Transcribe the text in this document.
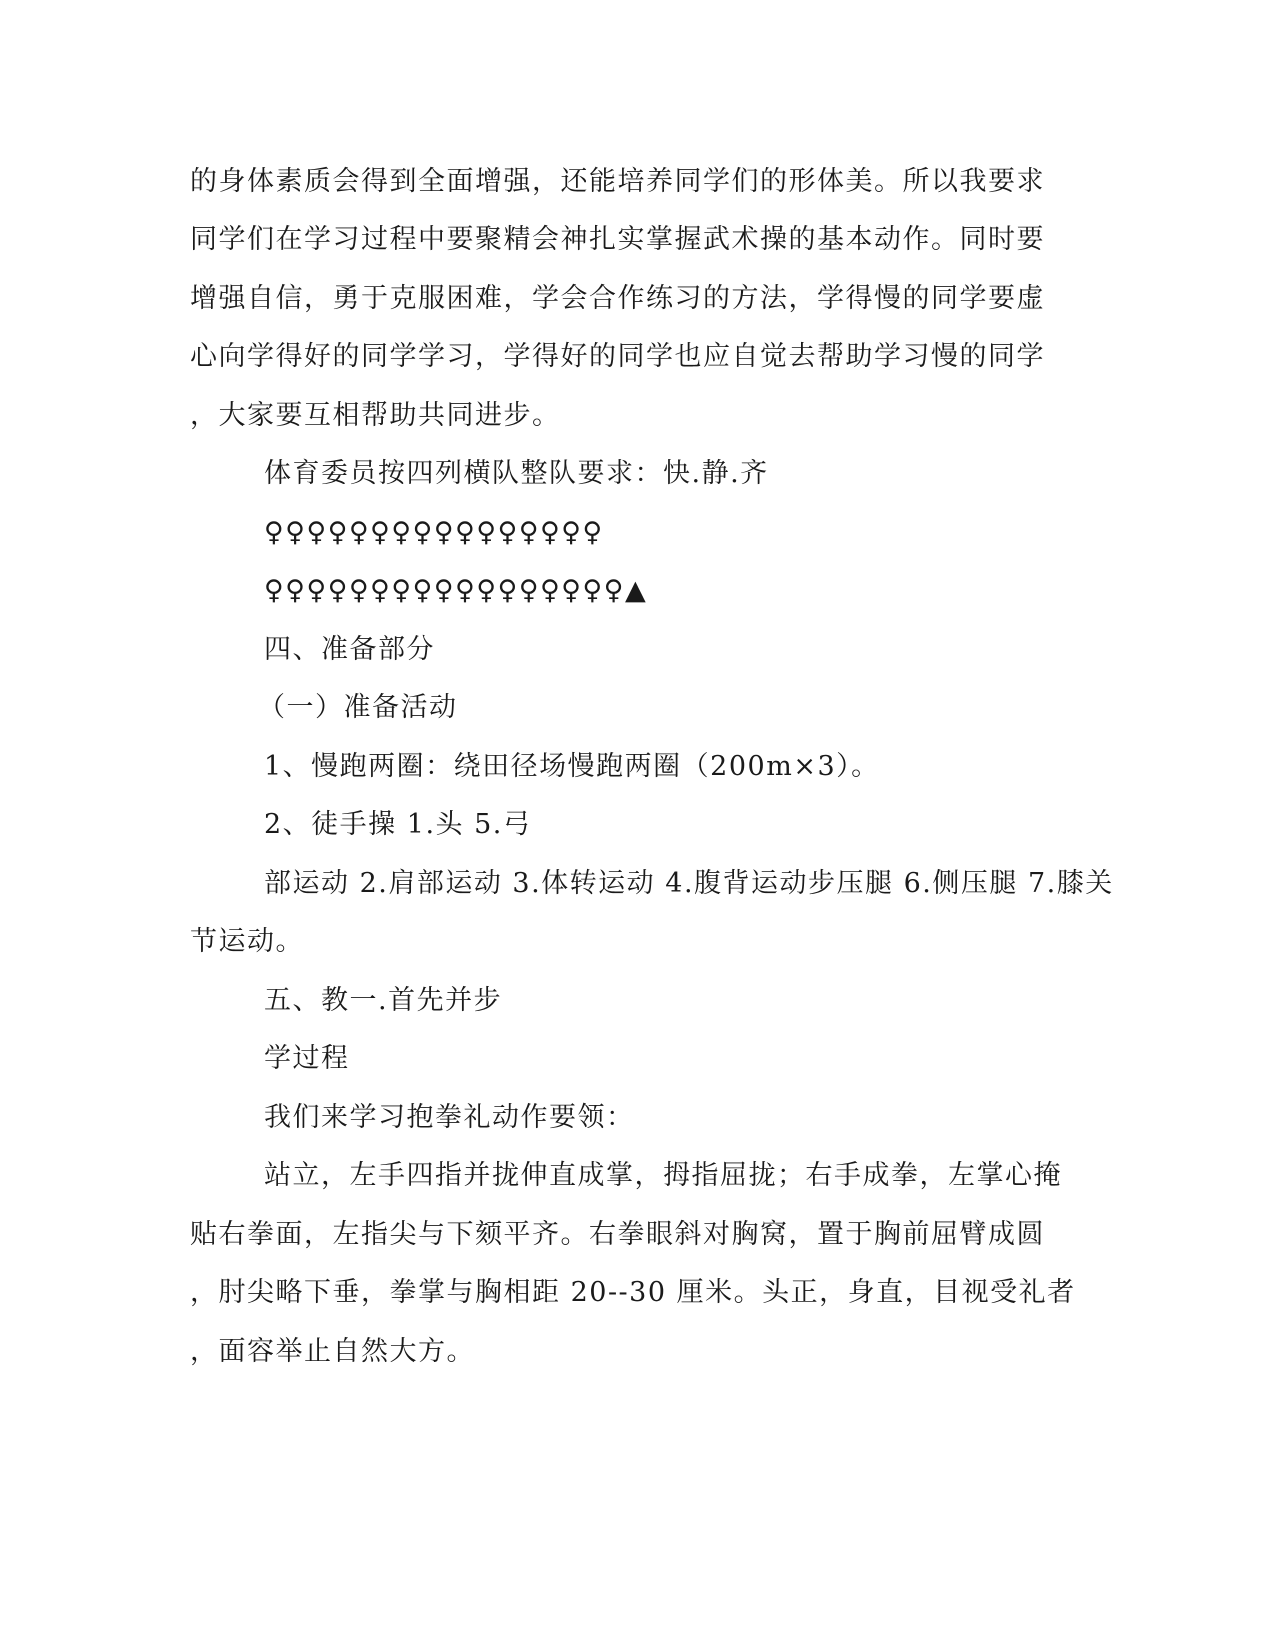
的身体素质会得到全面增强，还能培养同学们的形体美。所以我要求
同学们在学习过程中要聚精会神扎实掌握武术操的基本动作。同时要
增强自信，勇于克服困难，学会合作练习的方法，学得慢的同学要虚
心向学得好的同学学习，学得好的同学也应自觉去帮助学习慢的同学
，大家要互相帮助共同进步。
体育委员按四列横队整队要求：快.静.齐
♀♀♀♀♀♀♀♀♀♀♀♀♀♀♀♀
♀♀♀♀♀♀♀♀♀♀♀♀♀♀♀♀♀▲
四、准备部分
（一）准备活动
1、慢跑两圈：绕田径场慢跑两圈（200m×3）。
2、徒手操 1.头 5.弓
部运动 2.肩部运动 3.体转运动 4.腹背运动步压腿 6.侧压腿 7.膝关
节运动。
五、教一.首先并步
学过程
我们来学习抱拳礼动作要领：
站立，左手四指并拢伸直成掌，拇指屈拢；右手成拳，左掌心掩
贴右拳面，左指尖与下颏平齐。右拳眼斜对胸窝，置于胸前屈臂成圆
，肘尖略下垂，拳掌与胸相距 20--30 厘米。头正，身直，目视受礼者
，面容举止自然大方。
